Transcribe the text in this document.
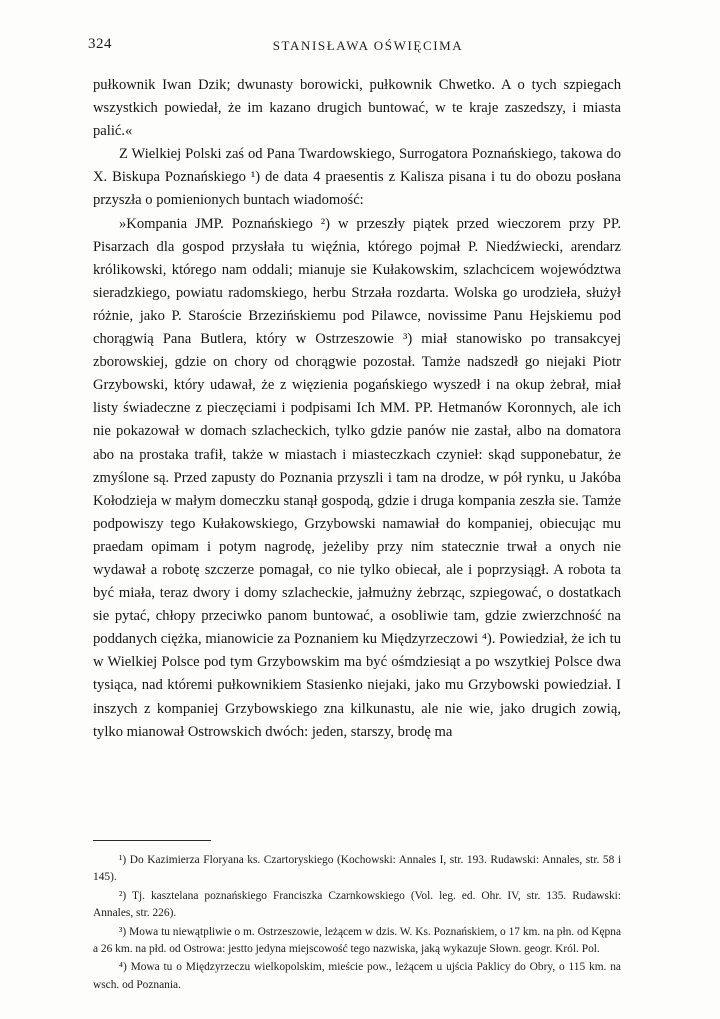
324	STANISŁAWA OŚWIĘCIMA

pułkownik Iwan Dzik; dwunasty borowicki, pułkownik Chwetko. A o tych szpiegach wszystkich powiedał, że im kazano drugich buntować, w te kraje zaszedszy, i miasta palić.«

Z Wielkiej Polski zaś od Pana Twardowskiego, Surrogatora Poznańskiego, takowa do X. Biskupa Poznańskiego ¹) de data 4 praesentis z Kalisza pisana i tu do obozu posłana przyszła o pomienionych buntach wiadomość:

»Kompania JMP. Poznańskiego ²) w przeszły piątek przed wieczorem przy PP. Pisarzach dla gospod przysłała tu więźnia, którego pojmał P. Niedźwiecki, arendarz królikowski, którego nam oddali; mianuje sie Kułakowskim, szlachcicem województwa sieradzkiego, powiatu radomskiego, herbu Strzała rozdarta. Wolska go urodzieła, służył różnie, jako P. Staroście Brzezińskiemu pod Pilawce, novissime Panu Hejskiemu pod chorągwią Pana Butlera, który w Ostrzeszowie ³) miał stanowisko po transakcyej zborowskiej, gdzie on chory od chorągwie pozostał. Tamże nadszedł go niejaki Piotr Grzybowski, który udawał, że z więzienia pogańskiego wyszedł i na okup żebrał, miał listy świadeczne z pieczęciami i podpisami Ich MM. PP. Hetmanów Koronnych, ale ich nie pokazował w domach szlacheckich, tylko gdzie panów nie zastał, albo na domatora abo na prostaka trafił, także w miastach i miasteczkach czynieł: skąd supponebatur, że zmyślone są. Przed zapusty do Poznania przyszli i tam na drodze, w pół rynku, u Jakóba Kołodzieja w małym domeczku stanął gospodą, gdzie i druga kompania zeszła sie. Tamże podpowiszy tego Kułakowskiego, Grzybowski namawiał do kompaniej, obiecując mu praedam opimam i potym nagrodę, jeżeliby przy nim statecznie trwał a onych nie wydawał a robotę szczerze pomagał, co nie tylko obiecał, ale i poprzysiągł. A robota ta być miała, teraz dwory i domy szlacheckie, jałmużny żebrząc, szpiegować, o dostatkach sie pytać, chłopy przeciwko panom buntować, a osobliwie tam, gdzie zwierzchność na poddanych ciężka, mianowicie za Poznaniem ku Międzyrzeczowi ⁴). Powiedział, że ich tu w Wielkiej Polsce pod tym Grzybowskim ma być ośmdziesiąt a po wszytkiej Polsce dwa tysiąca, nad któremi pułkownikiem Stasienko niejaki, jako mu Grzybowski powiedział. I inszych z kompaniej Grzybowskiego zna kilkunastu, ale nie wie, jako drugich zowią, tylko mianował Ostrowskich dwóch: jeden, starszy, brodę ma

¹) Do Kazimierza Floryana ks. Czartoryskiego (Kochowski: Annales I, str. 193. Rudawski: Annales, str. 58 i 145).

²) Tj. kasztelana poznańskiego Franciszka Czarnkowskiego (Vol. leg. ed. Ohr. IV, str. 135. Rudawski: Annales, str. 226).

³) Mowa tu niewątpliwie o m. Ostrzeszowie, leżącem w dzis. W. Ks. Poznańskiem, o 17 km. na płn. od Kępna a 26 km. na płd. od Ostrowa: jestto jedyna miejscowość tego nazwiska, jaką wykazuje Słown. geogr. Król. Pol.

⁴) Mowa tu o Międzyrzeczu wielkopolskim, mieście pow., leżącem u ujścia Paklicy do Obry, o 115 km. na wsch. od Poznania.
